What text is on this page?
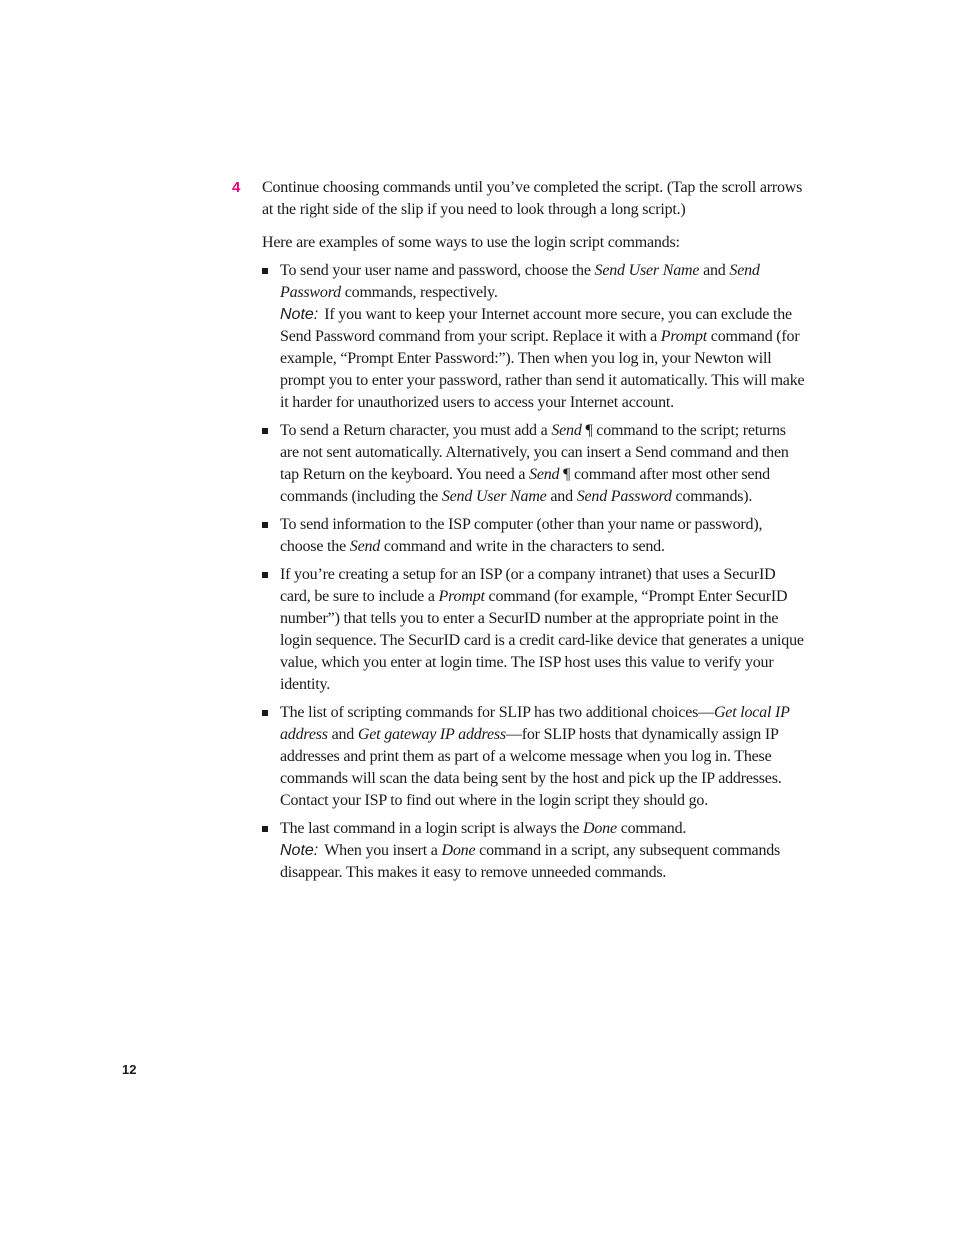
4 Continue choosing commands until you’ve completed the script. (Tap the scroll arrows at the right side of the slip if you need to look through a long script.)
Here are examples of some ways to use the login script commands:

To send your user name and password, choose the Send User Name and Send Password commands, respectively.

Note: If you want to keep your Internet account more secure, you can exclude the Send Password command from your script. Replace it with a Prompt command (for example, “Prompt Enter Password:”). Then when you log in, your Newton will prompt you to enter your password, rather than send it automatically. This will make it harder for unauthorized users to access your Internet account.

To send a Return character, you must add a Send ¶ command to the script; returns are not sent automatically. Alternatively, you can insert a Send command and then tap Return on the keyboard. You need a Send ¶ command after most other send commands (including the Send User Name and Send Password commands).

To send information to the ISP computer (other than your name or password), choose the Send command and write in the characters to send.

If you’re creating a setup for an ISP (or a company intranet) that uses a SecurID card, be sure to include a Prompt command (for example, “Prompt Enter SecurID number”) that tells you to enter a SecurID number at the appropriate point in the login sequence. The SecurID card is a credit card-like device that generates a unique value, which you enter at login time. The ISP host uses this value to verify your identity.

The list of scripting commands for SLIP has two additional choices—Get local IP address and Get gateway IP address—for SLIP hosts that dynamically assign IP addresses and print them as part of a welcome message when you log in. These commands will scan the data being sent by the host and pick up the IP addresses. Contact your ISP to find out where in the login script they should go.

The last command in a login script is always the Done command.

Note: When you insert a Done command in a script, any subsequent commands disappear. This makes it easy to remove unneeded commands.

12
